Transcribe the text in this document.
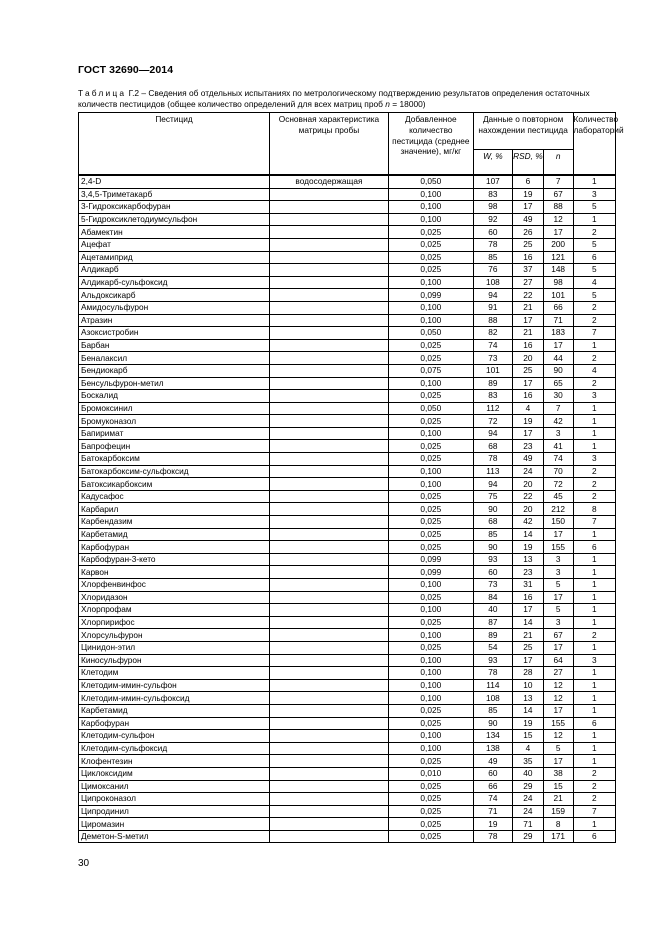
ГОСТ 32690—2014
Таблица Г.2 – Сведения об отдельных испытаниях по метрологическому подтверждению результатов определения остаточных количеств пестицидов (общее количество определений для всех матриц проб n = 18000)
Пестицид	Основная характеристика матрицы пробы	Добавленное количество пестицида (среднее значение), мг/кг	Данные о повторном нахождении пестицида			Количество лабораторий
			W, %	RSD, %	n	
2,4-D	водосодержащая	0,050	107	6	7	1
3,4,5-Триметакарб		0,100	83	19	67	3
3-Гидроксикарбофуран		0,100	98	17	88	5
5-Гидроксиклетодиумсульфон		0,100	92	49	12	1
Абамектин		0,025	60	26	17	2
Ацефат		0,025	78	25	200	5
Ацетамиприд		0,025	85	16	121	6
Алдикарб		0,025	76	37	148	5
Алдикарб-сульфоксид		0,100	108	27	98	4
Альдоксикарб		0,099	94	22	101	5
Амидосульфурон		0,100	91	21	66	2
Атразин		0,100	88	17	71	2
Азоксистробин		0,050	82	21	183	7
Барбан		0,025	74	16	17	1
Беналаксил		0,025	73	20	44	2
Бендиокарб		0,075	101	25	90	4
Бенсульфурон-метил		0,100	89	17	65	2
Боскалид		0,025	83	16	30	3
Бромоксинил		0,050	112	4	7	1
Бромуконазол		0,025	72	19	42	1
Бапиримат		0,100	94	17	3	1
Бапрофецин		0,025	68	23	41	1
Батокарбоксим		0,025	78	49	74	3
Батокарбоксим-сульфоксид		0,100	113	24	70	2
Батоксикарбоксим		0,100	94	20	72	2
Кадусафос		0,025	75	22	45	2
Карбарил		0,025	90	20	212	8
Карбендазим		0,025	68	42	150	7
Карбетамид		0,025	85	14	17	1
Карбофуран		0,025	90	19	155	6
Карбофуран-3-кето		0,099	93	13	3	1
Карвон		0,099	60	23	3	1
Хлорфенвинфос		0,100	73	31	5	1
Хлоридазон		0,025	84	16	17	1
Хлорпрофам		0,100	40	17	5	1
Хлорпирифос		0,025	87	14	3	1
Хлорсульфурон		0,100	89	21	67	2
Цинидон-этил		0,025	54	25	17	1
Киносульфурон		0,100	93	17	64	3
Клетодим		0,100	78	28	27	1
Клетодим-имин-сульфон		0,100	114	10	12	1
Клетодим-имин-сульфоксид		0,100	108	13	12	1
Карбетамид		0,025	85	14	17	1
Карбофуран		0,025	90	19	155	6
Клетодим-сульфон		0,100	134	15	12	1
Клетодим-сульфоксид		0,100	138	4	5	1
Клофентезин		0,025	49	35	17	1
Циклоксидим		0,010	60	40	38	2
Цимоксанил		0,025	66	29	15	2
Ципроконазол		0,025	74	24	21	2
Ципродинил		0,025	71	24	159	7
Циромазин		0,025	19	71	8	1
Деметон-S-метил		0,025	78	29	171	6
30
